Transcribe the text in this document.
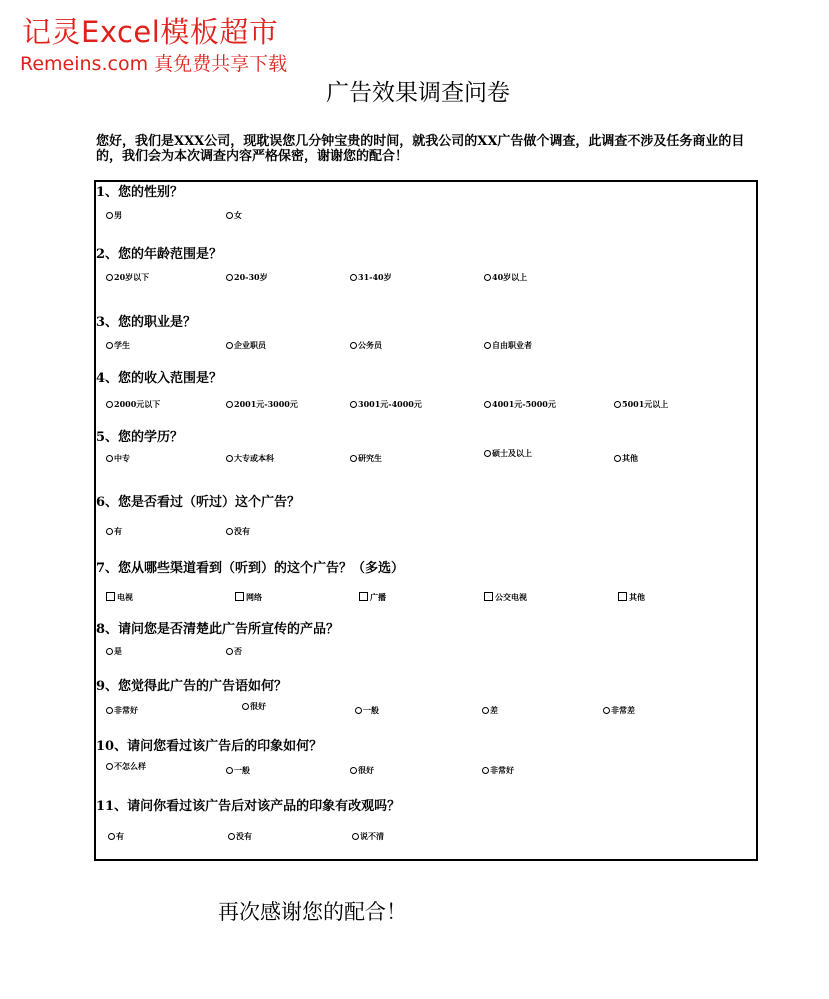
记灵Excel模板超市
Remeins.com 真免费共享下载
广告效果调查问卷
您好，我们是XXX公司，现耽误您几分钟宝贵的时间，就我公司的XX广告做个调查，此调查不涉及任务商业的目的，我们会为本次调查内容严格保密，谢谢您的配合！
1、您的性别？
男	女
2、您的年龄范围是？
20岁以下	20-30岁	31-40岁	40岁以上
3、您的职业是？
学生	企业职员	公务员	自由职业者
4、您的收入范围是？
2000元以下	2001元-3000元	3001元-4000元	4001元-5000元	5001元以上
5、您的学历？
中专	大专或本科	研究生	硕士及以上	其他
6、您是否看过（听过）这个广告？
有	没有
7、您从哪些渠道看到（听到）的这个广告？（多选）
电视	网络	广播	公交电视	其他
8、请问您是否清楚此广告所宣传的产品？
是	否
9、您觉得此广告的广告语如何？
非常好	很好	一般	差	非常差
10、请问您看过该广告后的印象如何？
不怎么样	一般	很好	非常好
11、请问你看过该广告后对该产品的印象有改观吗？
有	没有	说不清
再次感谢您的配合！
